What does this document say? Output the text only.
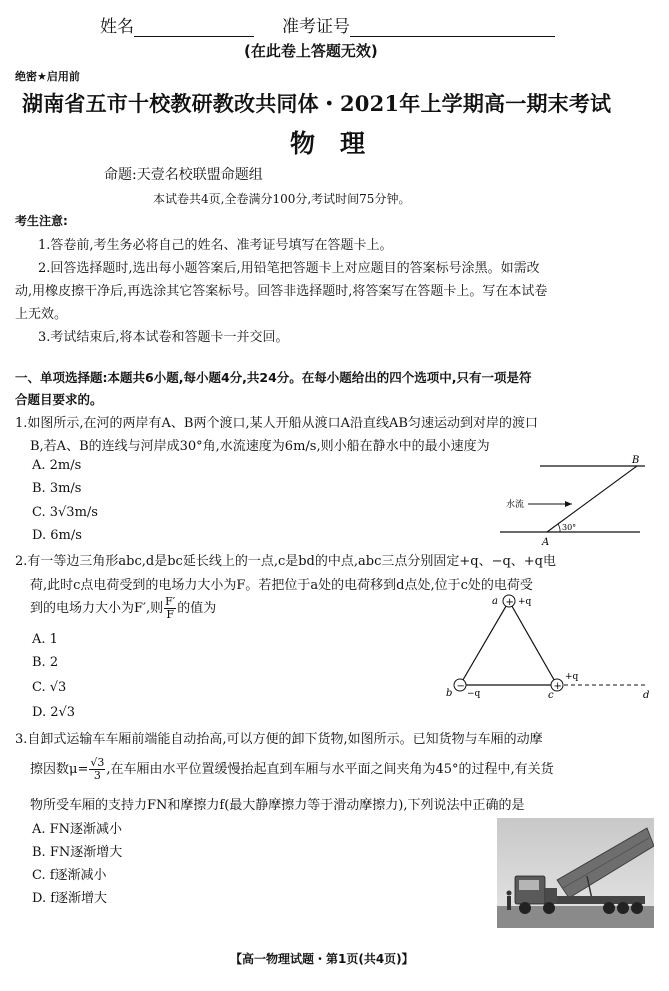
姓名	准考证号
(在此卷上答题无效)
绝密★启用前
湖南省五市十校教研教改共同体・2021年上学期高一期末考试
物　理
命题:天壹名校联盟命题组
本试卷共4页,全卷满分100分,考试时间75分钟。
考生注意:
1.答卷前,考生务必将自己的姓名、准考证号填写在答题卡上。
2.回答选择题时,选出每小题答案后,用铅笔把答题卡上对应题目的答案标号涂黑。如需改
动,用橡皮擦干净后,再选涂其它答案标号。回答非选择题时,将答案写在答题卡上。写在本试卷
上无效。
3.考试结束后,将本试卷和答题卡一并交回。
一、单项选择题:本题共6小题,每小题4分,共24分。在每小题给出的四个选项中,只有一项是符
合题目要求的。
1.如图所示,在河的两岸有A、B两个渡口,某人开船从渡口A沿直线AB匀速运动到对岸的渡口
B,若A、B的连线与河岸成30°角,水流速度为6m/s,则小船在静水中的最小速度为
A. 2m/s
B. 3m/s
C. 3√3m/s
D. 6m/s
B
A
水流
30°
2.有一等边三角形abc,d是bc延长线上的一点,c是bd的中点,abc三点分别固定+q、−q、+q电
荷,此时c点电荷受到的电场力大小为F。若把位于a处的电荷移到d点处,位于c处的电荷受
到的电场力大小为F′,则 $\frac{F'}{F}$ 的值为
A. 1
B. 2
C. √3
D. 2√3
+
−	+
a +q
b −q	c
+q
d
3.自卸式运输车车厢前端能自动抬高,可以方便的卸下货物,如图所示。已知货物与车厢的动摩
擦因数$\mu= \frac{√3}{3}$ ,在车厢由水平位置缓慢抬起直到车厢与水平面之间夹角为45°的过程中,有关货
物所受车厢的支持力FN和摩擦力f(最大静摩擦力等于滑动摩擦力),下列说法中正确的是
A. FN逐渐减小
B. FN逐渐增大
C. f逐渐减小
D. f逐渐增大
【高一物理试题・第1页(共4页)】
